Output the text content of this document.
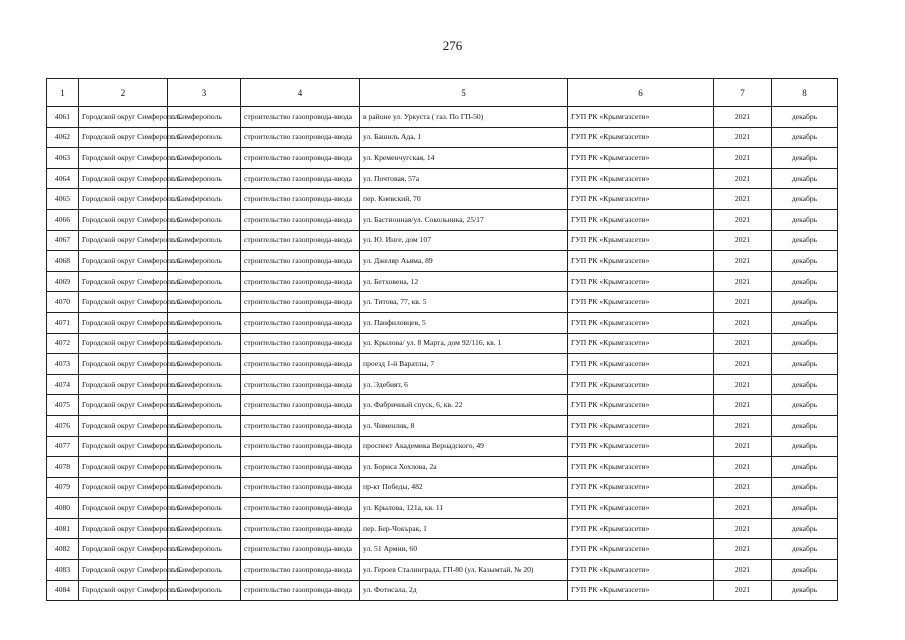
276
1	2	3	4	5	6	7	8
4061	Городской округ Симферополь	г. Симферополь	строительство газопровода-ввода	в районе ул. Уркуста ( газ. По ГП-50)	ГУП РК «Крымгазсети»	2021	декабрь
4062	Городской округ Симферополь	г. Симферополь	строительство газопровода-ввода	ул. Башиль Ада, 1	ГУП РК «Крымгазсети»	2021	декабрь
4063	Городской округ Симферополь	г. Симферополь	строительство газопровода-ввода	ул. Кременчугская, 14	ГУП РК «Крымгазсети»	2021	декабрь
4064	Городской округ Симферополь	г. Симферополь	строительство газопровода-ввода	ул. Почтовая, 57а	ГУП РК «Крымгазсети»	2021	декабрь
4065	Городской округ Симферополь	г. Симферополь	строительство газопровода-ввода	пер. Киевский, 70	ГУП РК «Крымгазсети»	2021	декабрь
4066	Городской округ Симферополь	г. Симферополь	строительство газопровода-ввода	ул. Бастионная/ул. Сокольника, 25/17	ГУП РК «Крымгазсети»	2021	декабрь
4067	Городской округ Симферополь	г. Симферополь	строительство газопровода-ввода	ул. Ю. Инге, дом 107	ГУП РК «Крымгазсети»	2021	декабрь
4068	Городской округ Симферополь	г. Симферополь	строительство газопровода-ввода	ул. Джеляр Аьяма, 89	ГУП РК «Крымгазсети»	2021	декабрь
4069	Городской округ Симферополь	г. Симферополь	строительство газопровода-ввода	ул. Бетховена, 12	ГУП РК «Крымгазсети»	2021	декабрь
4070	Городской округ Симферополь	г. Симферополь	строительство газопровода-ввода	ул. Титова, 77, кв. 5	ГУП РК «Крымгазсети»	2021	декабрь
4071	Городской округ Симферополь	г. Симферополь	строительство газопровода-ввода	ул. Панфиловцев, 5	ГУП РК «Крымгазсети»	2021	декабрь
4072	Городской округ Симферополь	г. Симферополь	строительство газопровода-ввода	ул. Крылова/ ул. 8 Марта, дом 92/116, кв. 1	ГУП РК «Крымгазсети»	2021	декабрь
4073	Городской округ Симферополь	г. Симферополь	строительство газопровода-ввода	проезд 1-й Варатлы, 7	ГУП РК «Крымгазсети»	2021	декабрь
4074	Городской округ Симферополь	г. Симферополь	строительство газопровода-ввода	ул. Эдебият, 6	ГУП РК «Крымгазсети»	2021	декабрь
4075	Городской округ Симферополь	г. Симферополь	строительство газопровода-ввода	ул. Фабричный спуск, 6, кв. 22	ГУП РК «Крымгазсети»	2021	декабрь
4076	Городской округ Симферополь	г. Симферополь	строительство газопровода-ввода	ул. Чименлик, 8	ГУП РК «Крымгазсети»	2021	декабрь
4077	Городской округ Симферополь	г. Симферополь	строительство газопровода-ввода	проспект Академика Вернадского, 49	ГУП РК «Крымгазсети»	2021	декабрь
4078	Городской округ Симферополь	г. Симферополь	строительство газопровода-ввода	ул. Бориса Хохлова, 2а	ГУП РК «Крымгазсети»	2021	декабрь
4079	Городской округ Симферополь	г. Симферополь	строительство газопровода-ввода	пр-кт Победы, 482	ГУП РК «Крымгазсети»	2021	декабрь
4080	Городской округ Симферополь	г. Симферополь	строительство газопровода-ввода	ул. Крылова, 121а, кв. 11	ГУП РК «Крымгазсети»	2021	декабрь
4081	Городской округ Симферополь	г. Симферополь	строительство газопровода-ввода	пер. Бер-Чокърак, 1	ГУП РК «Крымгазсети»	2021	декабрь
4082	Городской округ Симферополь	г. Симферополь	строительство газопровода-ввода	ул. 51 Армии, 60	ГУП РК «Крымгазсети»	2021	декабрь
4083	Городской округ Симферополь	г. Симферополь	строительство газопровода-ввода	ул. Героев Сталинграда, ГП-80 (ул. Казымтай, № 20)	ГУП РК «Крымгазсети»	2021	декабрь
4084	Городской округ Симферополь	г. Симферополь	строительство газопровода-ввода	ул. Фотисала, 2д	ГУП РК «Крымгазсети»	2021	декабрь
